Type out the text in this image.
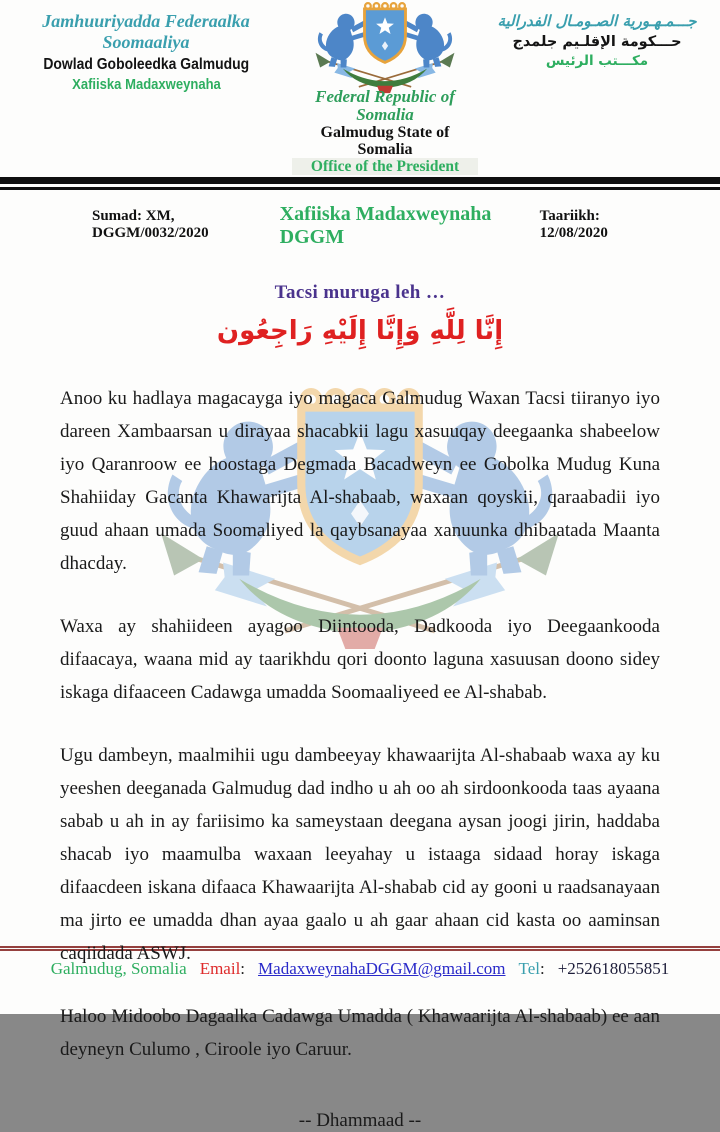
Jamhuuriyadda Federaalka Soomaaliya
Dowlad Goboleedka Galmudug
Xafiiska Madaxweynaha
Federal Republic of Somalia
Galmudug State of Somalia
Office of the President
جـــمـهـورية الصـومـال الفدرالية
حـــكومة الإقلـيم جلمدج
مكـــتب الرئيس
Sumad: XM, DGGM/0032/2020
Xafiiska Madaxweynaha DGGM
Taariikh: 12/08/2020
Tacsi muruga leh …
إِنَّا لِلَّهِ وَإِنَّا إِلَيْهِ رَاجِعُون

Anoo ku hadlaya magacayga iyo magaca Galmudug Waxan Tacsi tiiranyo iyo dareen Xambaarsan u dirayaa shacabkii lagu xasuuqay deegaanka shabeelow iyo Qaranroow ee hoostaga Degmada Bacadweyn ee Gobolka Mudug Kuna Shahiiday Gacanta Khawarijta Al-shabaab, waxaan qoyskii, qaraabadii iyo guud ahaan umada Soomaliyed la qaybsanayaa xanuunka dhibaatada Maanta dhacday.

Waxa ay shahiideen ayagoo Diintooda, Dadkooda iyo Deegaankooda difaacaya, waana mid ay taarikhdu qori doonto laguna xasuusan doono sidey iskaga difaaceen Cadawga umadda Soomaaliyeed ee Al-shabab.

Ugu dambeyn, maalmihii ugu dambeeyay khawaarijta Al-shabaab waxa ay ku yeeshen deeganada Galmudug dad indho u ah oo ah sirdoonkooda taas ayaana sabab u ah in ay fariisimo ka sameystaan deegana aysan joogi jirin, haddaba shacab iyo maamulba waxaan leeyahay u istaaga sidaad horay iskaga difaacdeen iskana difaaca Khawaarijta Al-shabab cid ay gooni u raadsanayaan ma jirto ee umadda dhan ayaa gaalo u ah gaar ahaan cid kasta oo aaminsan caqiidada ASWJ.

Haloo Midoobo Dagaalka Cadawga Umadda ( Khawaarijta Al-shabaab) ee aan deyneyn Culumo , Ciroole iyo Caruur.

-- Dhammaad --
Galmudug, Somalia Email: MadaxweynahaDGGM@gmail.com Tel: +252618055851
